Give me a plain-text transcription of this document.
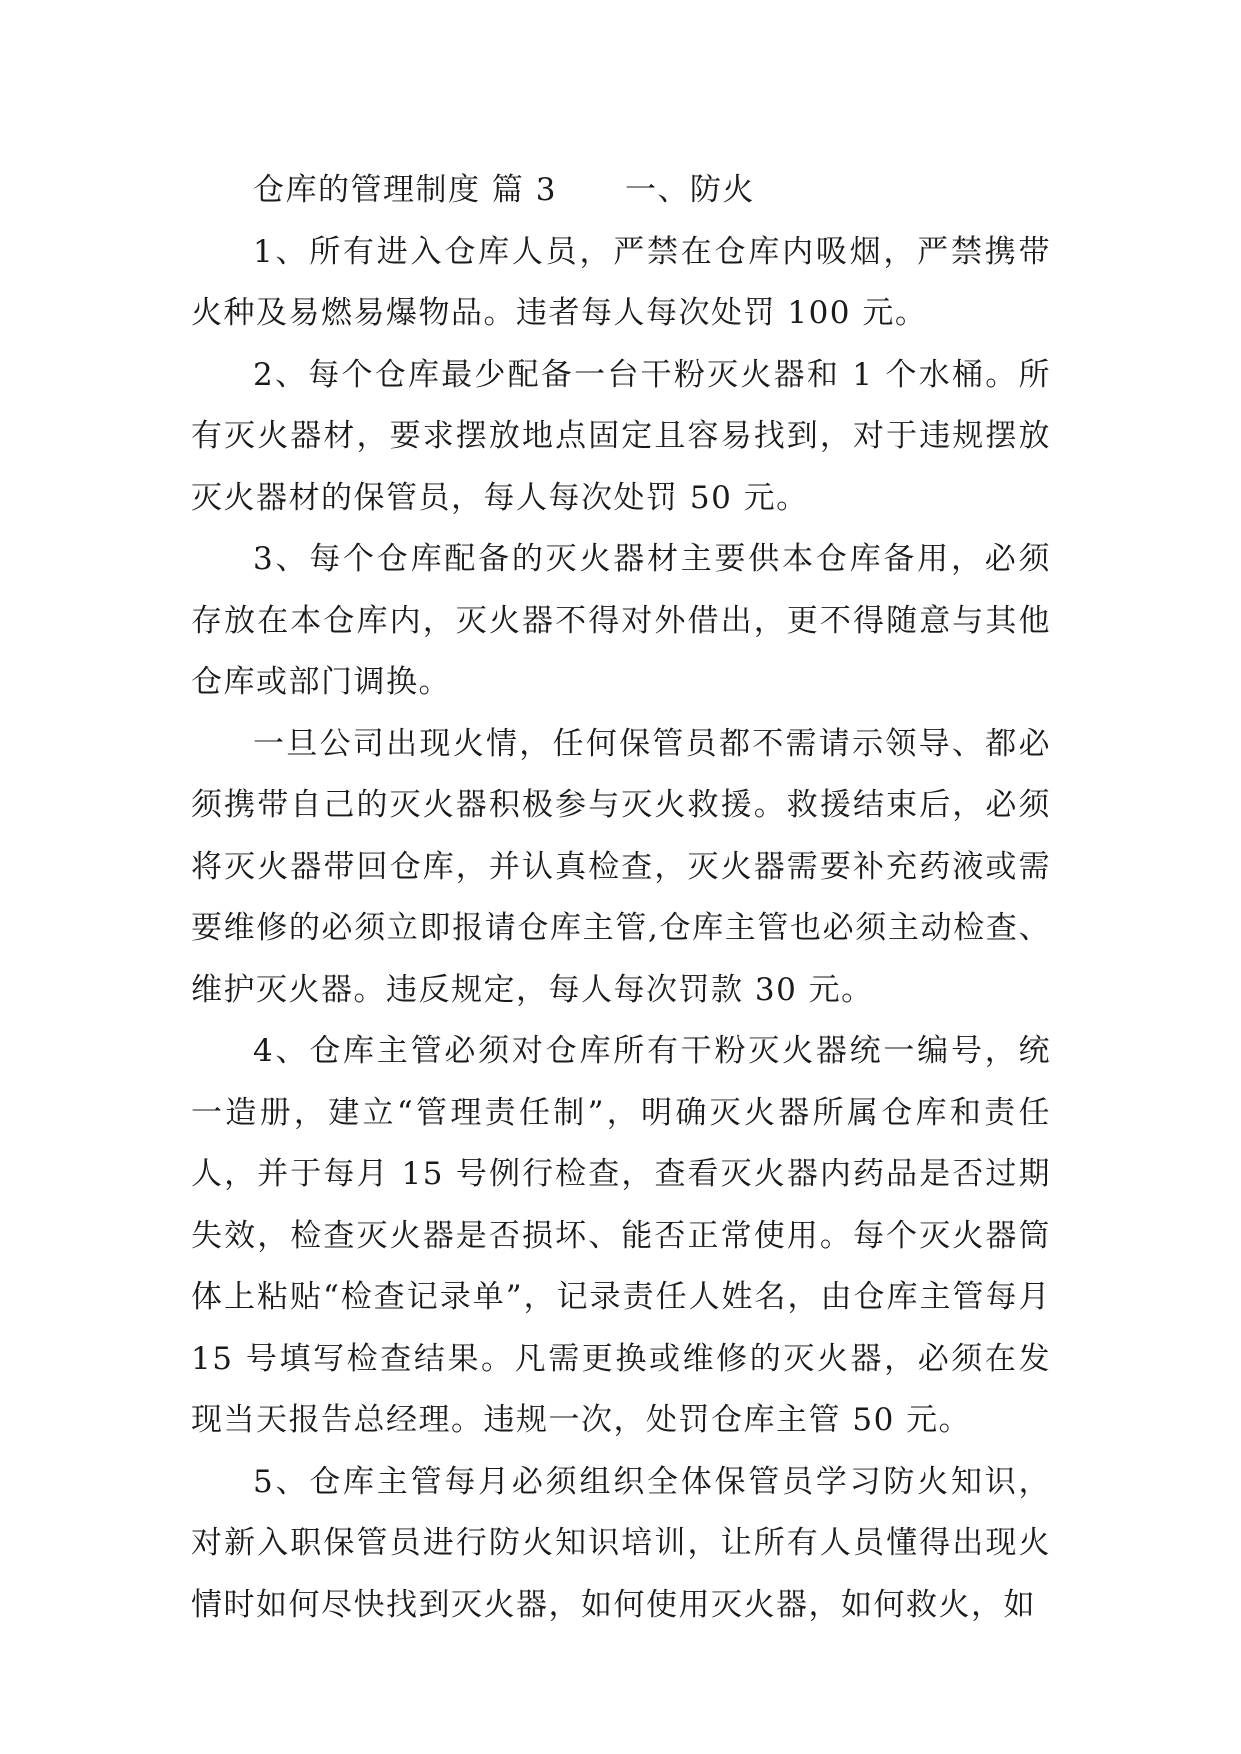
仓库的管理制度 篇 3 一、防火

1、所有进入仓库人员，严禁在仓库内吸烟，严禁携带火种及易燃易爆物品。违者每人每次处罚 100 元。

2、每个仓库最少配备一台干粉灭火器和 1 个水桶。所有灭火器材，要求摆放地点固定且容易找到，对于违规摆放灭火器材的保管员，每人每次处罚 50 元。

3、每个仓库配备的灭火器材主要供本仓库备用，必须存放在本仓库内，灭火器不得对外借出，更不得随意与其他仓库或部门调换。

一旦公司出现火情，任何保管员都不需请示领导、都必须携带自己的灭火器积极参与灭火救援。救援结束后，必须将灭火器带回仓库，并认真检查，灭火器需要补充药液或需要维修的必须立即报请仓库主管,仓库主管也必须主动检查、维护灭火器。违反规定，每人每次罚款 30 元。

4、仓库主管必须对仓库所有干粉灭火器统一编号，统一造册，建立“管理责任制”，明确灭火器所属仓库和责任人，并于每月 15 号例行检查，查看灭火器内药品是否过期失效，检查灭火器是否损坏、能否正常使用。每个灭火器筒体上粘贴“检查记录单”，记录责任人姓名，由仓库主管每月 15 号填写检查结果。凡需更换或维修的灭火器，必须在发现当天报告总经理。违规一次，处罚仓库主管 50 元。

5、仓库主管每月必须组织全体保管员学习防火知识，对新入职保管员进行防火知识培训，让所有人员懂得出现火情时如何尽快找到灭火器，如何使用灭火器，如何救火，如
